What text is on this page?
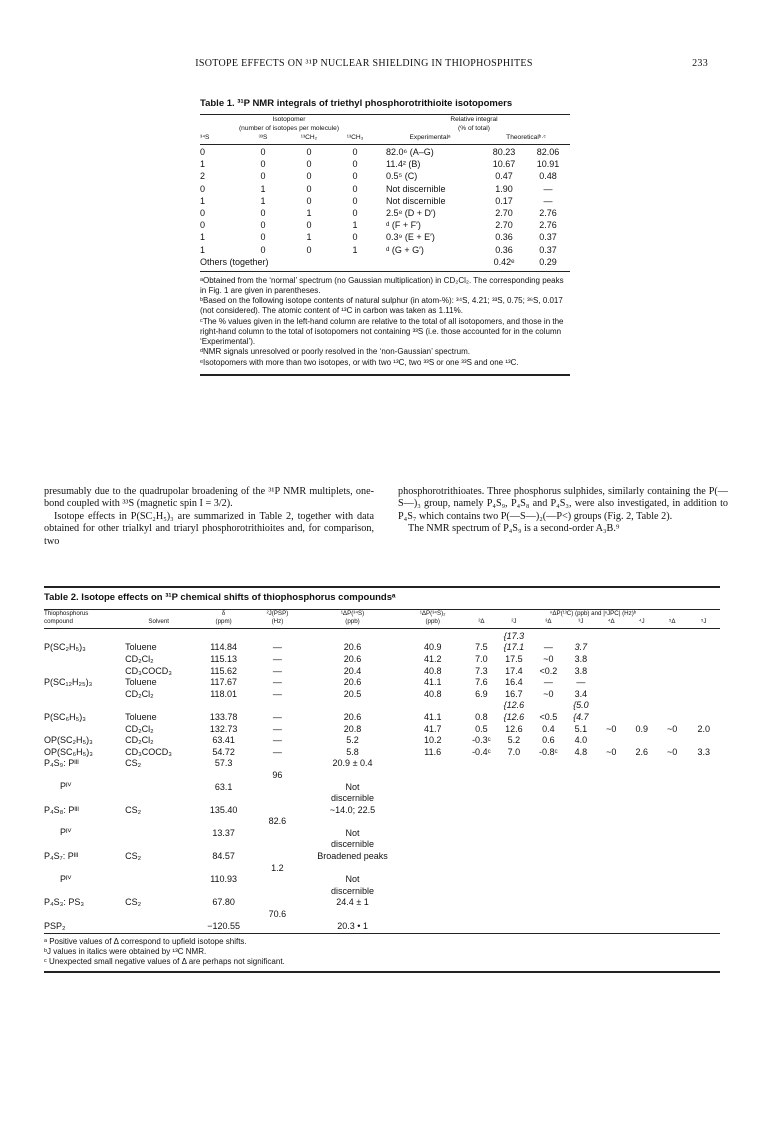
ISOTOPE EFFECTS ON ³¹P NUCLEAR SHIELDING IN THIOPHOSPHITES	233
Table 1. ³¹P NMR integrals of triethyl phosphorotrithioite isotopomers
Isotopomer				Relative integral		
(number of isotopes per molecule)				(% of total)		
³⁴S	³³S	¹³CH₂	¹³CH₃	Experimentalᵃ	Theoreticalᵇ·ᶜ	

0	0	0	0	82.0⁶ (A–G)	80.23	82.06
1	0	0	0	11.4² (B)	10.67	10.91
2	0	0	0	0.5⁵ (C)	0.47	0.48
0	1	0	0	Not discernible	1.90	—
1	1	0	0	Not discernible	0.17	—
0	0	1	0	2.5⁸ (D + D′)	2.70	2.76
0	0	0	1	ᵈ (F + F′)	2.70	2.76
1	0	1	0	0.3⁹ (E + E′)	0.36	0.37
1	0	0	1	ᵈ (G + G′)	0.36	0.37
Others (together)					0.42ᵉ	0.29

ᵃObtained from the ‘normal’ spectrum (no Gaussian multiplication) in CD₂Cl₂. The corresponding peaks in Fig. 1 are given in parentheses.

ᵇBased on the following isotope contents of natural sulphur (in atom-%): ³⁴S, 4.21; ³³S, 0.75; ³⁶S, 0.017 (not considered). The atomic content of ¹³C in carbon was taken as 1.11%.

ᶜThe % values given in the left-hand column are relative to the total of all isotopomers, and those in the right-hand column to the total of isotopomers not containing ³³S (i.e. those accounted for in the column ‘Experimental’).

ᵈNMR signals unresolved or poorly resolved in the ‘non-Gaussian’ spectrum.

ᵉIsotopomers with more than two isotopes, or with two ¹³C, two ³³S or one ³³S and one ¹³C.

presumably due to the quadrupolar broadening of the ³¹P NMR multiplets, one-bond coupled with ³³S (magnetic spin I = 3/2).

Isotope effects in P(SC₂H₅)₃ are summarized in Table 2, together with data obtained for other trialkyl and triaryl phosphorotrithioites and, for comparison, two

phosphorotrithioates. Three phosphorus sulphides, similarly containing the P(—S—)₃ group, namely P₄S₉, P₄S₈ and P₄S₃, were also investigated, in addition to P₄S₇ which contains two P(—S—)₂(—P<) groups (Fig. 2, Table 2).

The NMR spectrum of P₄S₉ is a second-order A₃B.⁹

Table 2. Isotope effects on ³¹P chemical shifts of thiophosphorus compoundsᵃ
Thiophosphorus		δ	²J(PSP)	¹ΔP(³⁴S)	¹ΔP(³⁴S)₂	ⁿΔP(¹³C) (ppb) and |ⁿJPC| (Hz)ᵇ							
compound	Solvent	(ppm)	(Hz)	(ppb)	(ppb)	²Δ	²J	³Δ	³J	⁴Δ	⁴J	⁵Δ	⁵J

							{17.3						
P(SC₂H₅)₃	Toluene	114.84	—	20.6	40.9	7.5	{17.1	—	3.7				
	CD₂Cl₂	115.13	—	20.6	41.2	7.0	17.5	~0	3.8				
	CD₃COCD₃	115.62	—	20.4	40.8	7.3	17.4	<0.2	3.8				
P(SC₁₂H₂₅)₃	Toluene	117.67	—	20.6	41.1	7.6	16.4	—	—				
	CD₂Cl₂	118.01	—	20.5	40.8	6.9	16.7	~0	3.4				
							{12.6		{5.0				
P(SC₆H₅)₃	Toluene	133.78	—	20.6	41.1	0.8	{12.6	<0.5	{4.7				
	CD₂Cl₂	132.73	—	20.8	41.7	0.5	12.6	0.4	5.1	~0	0.9	~0	2.0
OP(SC₂H₅)₃	CD₂Cl₂	63.41	—	5.2	10.2	-0.3ᶜ	5.2	0.6	4.0				
OP(SC₆H₅)₃	CD₃COCD₃	54.72	—	5.8	11.6	-0.4ᶜ	7.0	-0.8ᶜ	4.8	~0	2.6	~0	3.3
P₄S₉: Pᴵᴵᴵ	CS₂	57.3		20.9 ± 0.4									
			96										
Pᴵⱽ		63.1		Not									
				discernible									
P₄S₈: Pᴵᴵᴵ	CS₂	135.40		~14.0; 22.5									
			82.6										
Pᴵⱽ		13.37		Not									
				discernible									
P₄S₇: Pᴵᴵᴵ	CS₂	84.57		Broadened peaks									
			1.2										
Pᴵⱽ		110.93		Not									
				discernible									
P₄S₃: PS₃	CS₂	67.80		24.4 ± 1									
			70.6										
PSP₂		−120.55		20.3 • 1									

ᵃ Positive values of Δ correspond to upfield isotope shifts.

ᵇJ values in italics were obtained by ¹³C NMR.

ᶜ Unexpected small negative values of Δ are perhaps not significant.
